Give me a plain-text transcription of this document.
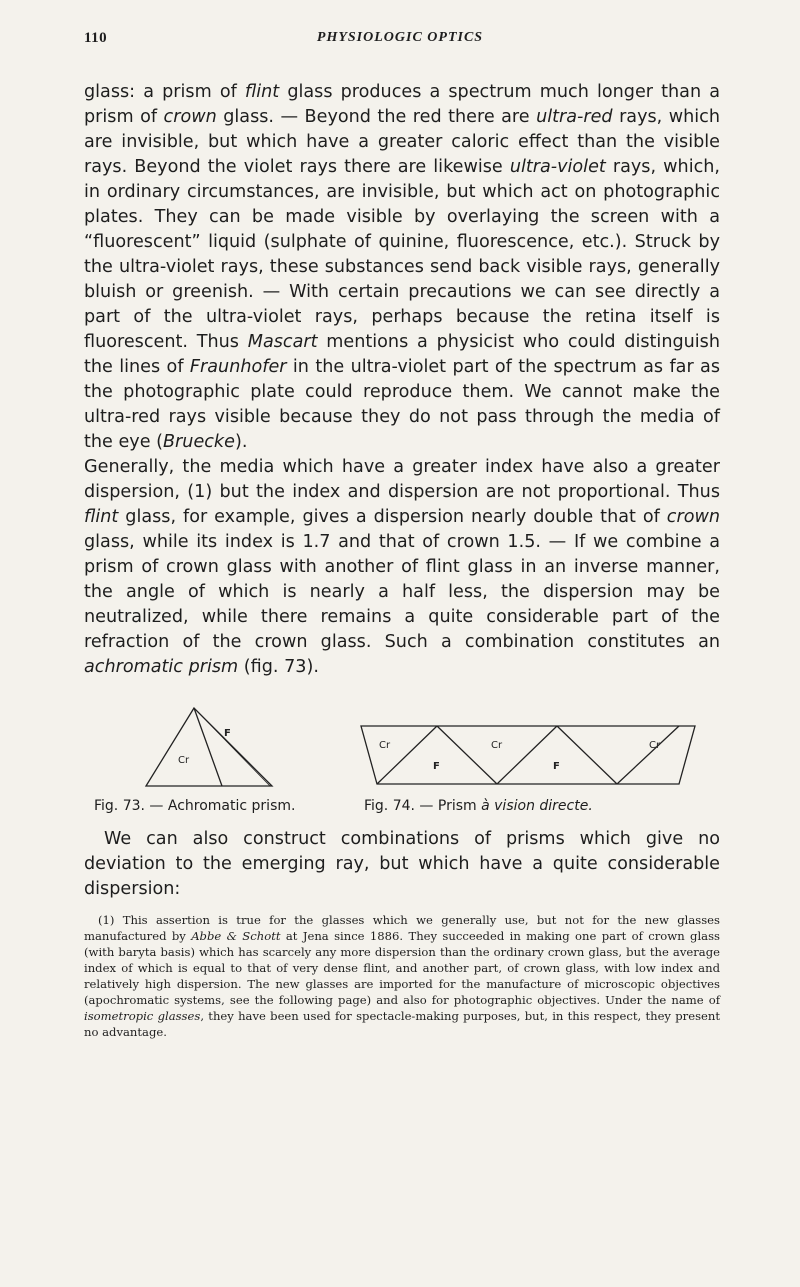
110	PHYSIOLOGIC OPTICS

glass: a prism of flint glass produces a spectrum much longer than a prism of crown glass. — Beyond the red there are ultra-red rays, which are invisible, but which have a greater caloric effect than the visible rays. Beyond the violet rays there are likewise ultra-violet rays, which, in ordinary circumstances, are invisible, but which act on photographic plates. They can be made visible by overlaying the screen with a “fluorescent” liquid (sulphate of quinine, fluorescence, etc.). Struck by the ultra-violet rays, these substances send back visible rays, generally bluish or greenish. — With certain precautions we can see directly a part of the ultra-violet rays, perhaps because the retina itself is fluorescent. Thus Mascart mentions a physicist who could distinguish the lines of Fraunhofer in the ultra-violet part of the spectrum as far as the photographic plate could reproduce them. We cannot make the ultra-red rays visible because they do not pass through the media of the eye (Bruecke).

Generally, the media which have a greater index have also a greater dispersion, (1) but the index and dispersion are not proportional. Thus flint glass, for example, gives a dispersion nearly double that of crown glass, while its index is 1.7 and that of crown 1.5. — If we combine a prism of crown glass with another of flint glass in an inverse manner, the angle of which is nearly a half less, the dispersion may be neutralized, while there remains a quite considerable part of the refraction of the crown glass. Such a combination constitutes an achromatic prism (fig. 73).

F
Cr
Cr	Cr	Cr
F	F
Fig. 73. — Achromatic prism.	Fig. 74. — Prism à vision directe.

We can also construct combinations of prisms which give no deviation to the emerging ray, but which have a quite considerable dispersion:

(1) This assertion is true for the glasses which we generally use, but not for the new glasses manufactured by Abbe & Schott at Jena since 1886. They succeeded in making one part of crown glass (with baryta basis) which has scarcely any more dispersion than the ordinary crown glass, but the average index of which is equal to that of very dense flint, and another part, of crown glass, with low index and relatively high dispersion. The new glasses are imported for the manufacture of microscopic objectives (apochromatic systems, see the following page) and also for photographic objectives. Under the name of isometropic glasses, they have been used for spectacle-making purposes, but, in this respect, they present no advantage.
